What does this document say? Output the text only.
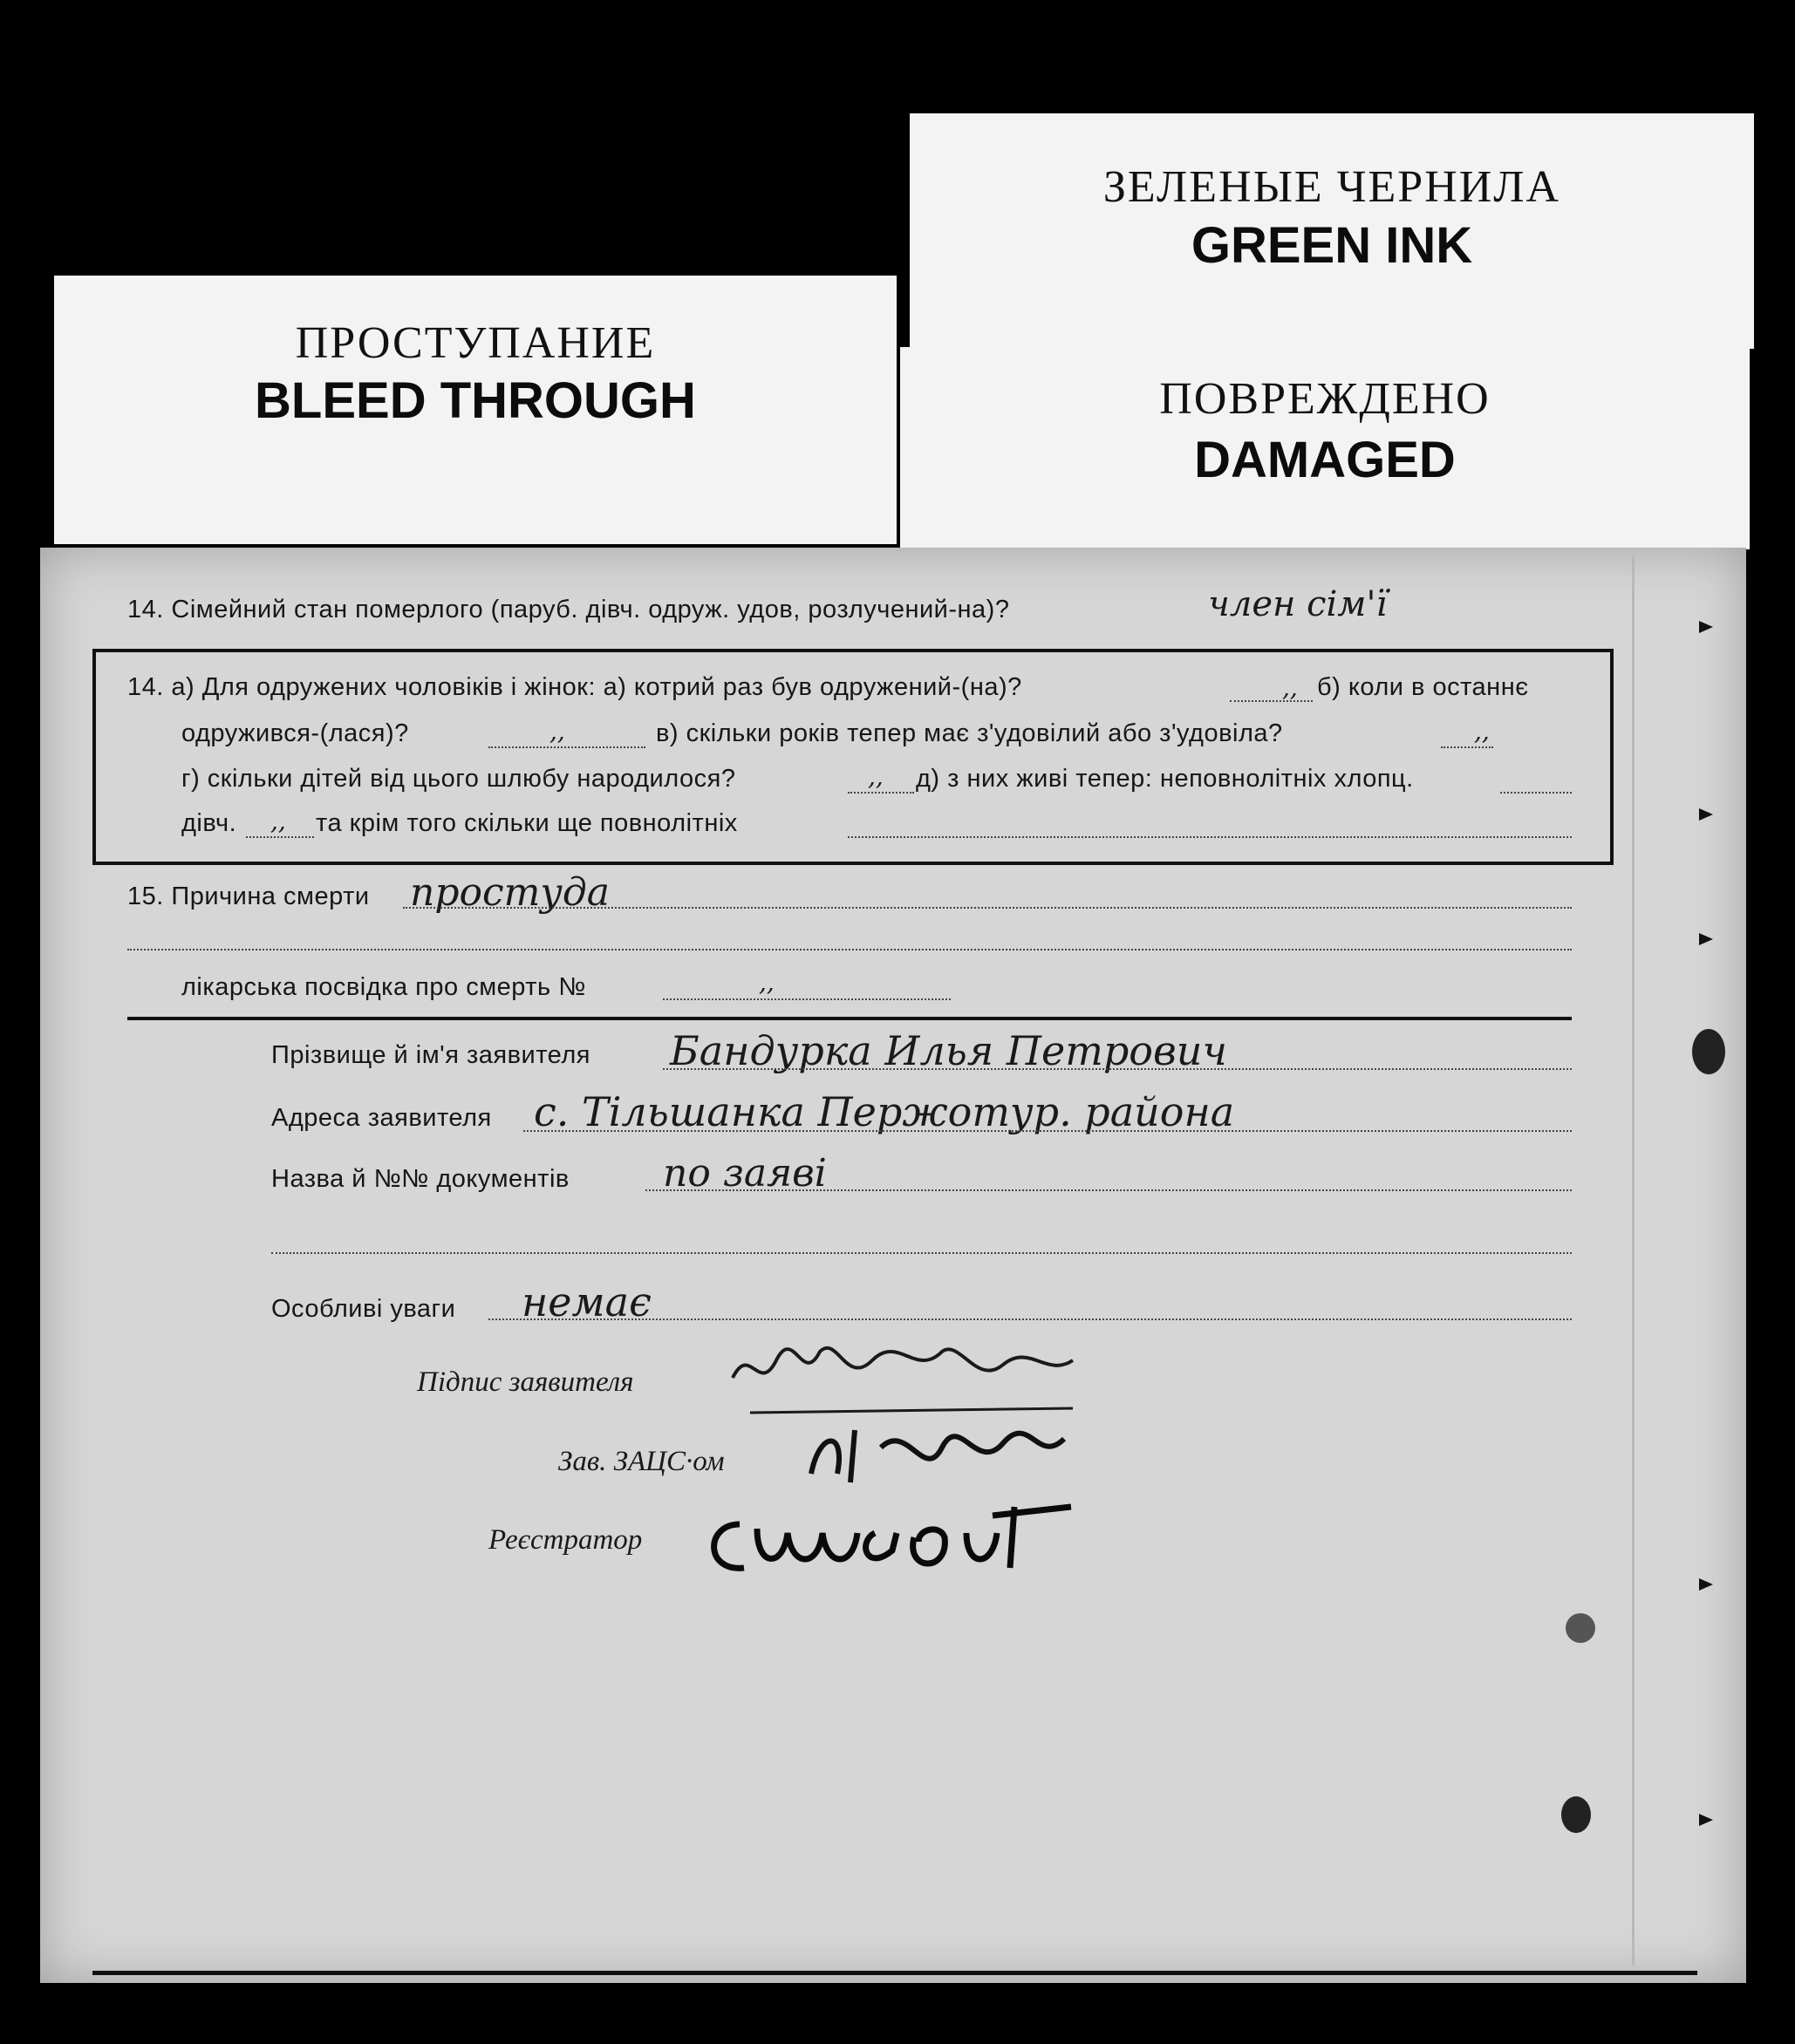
ЗЕЛЕНЫЕ ЧЕРНИЛА
GREEN INK
ПОВРЕЖДЕНО
DAMAGED
ПРОСТУПАНИЕ
BLEED THROUGH
14. Сімейний стан померлого (паруб. дівч. одруж. удов, розлучений-на)?	член сім'ї
14. а) Для одружених чоловіків і жінок: а) котрий раз був одружений-(на)?	,, б) коли в останнє
одружився-(лася)?	,,	в) скільки років тепер має з'удовілий або з'удовіла?	,,
г) скільки дітей від цього шлюбу народилося?	,, д) з них живі тепер: неповнолітніх хлопц.
дівч. ,, та крім того скільки ще повнолітніх
15. Причина смерти простуда
лікарська посвідка про смерть №	,,
Прізвище й ім'я заявителя Бандурка Илья Петрович
Адреса заявителя с. Тільшанка Пержотур. района
Назва й №№ документів по заяві
Особливі уваги немає
Підпис заявителя
Зав. ЗАЦС·ом
Реєстратор
